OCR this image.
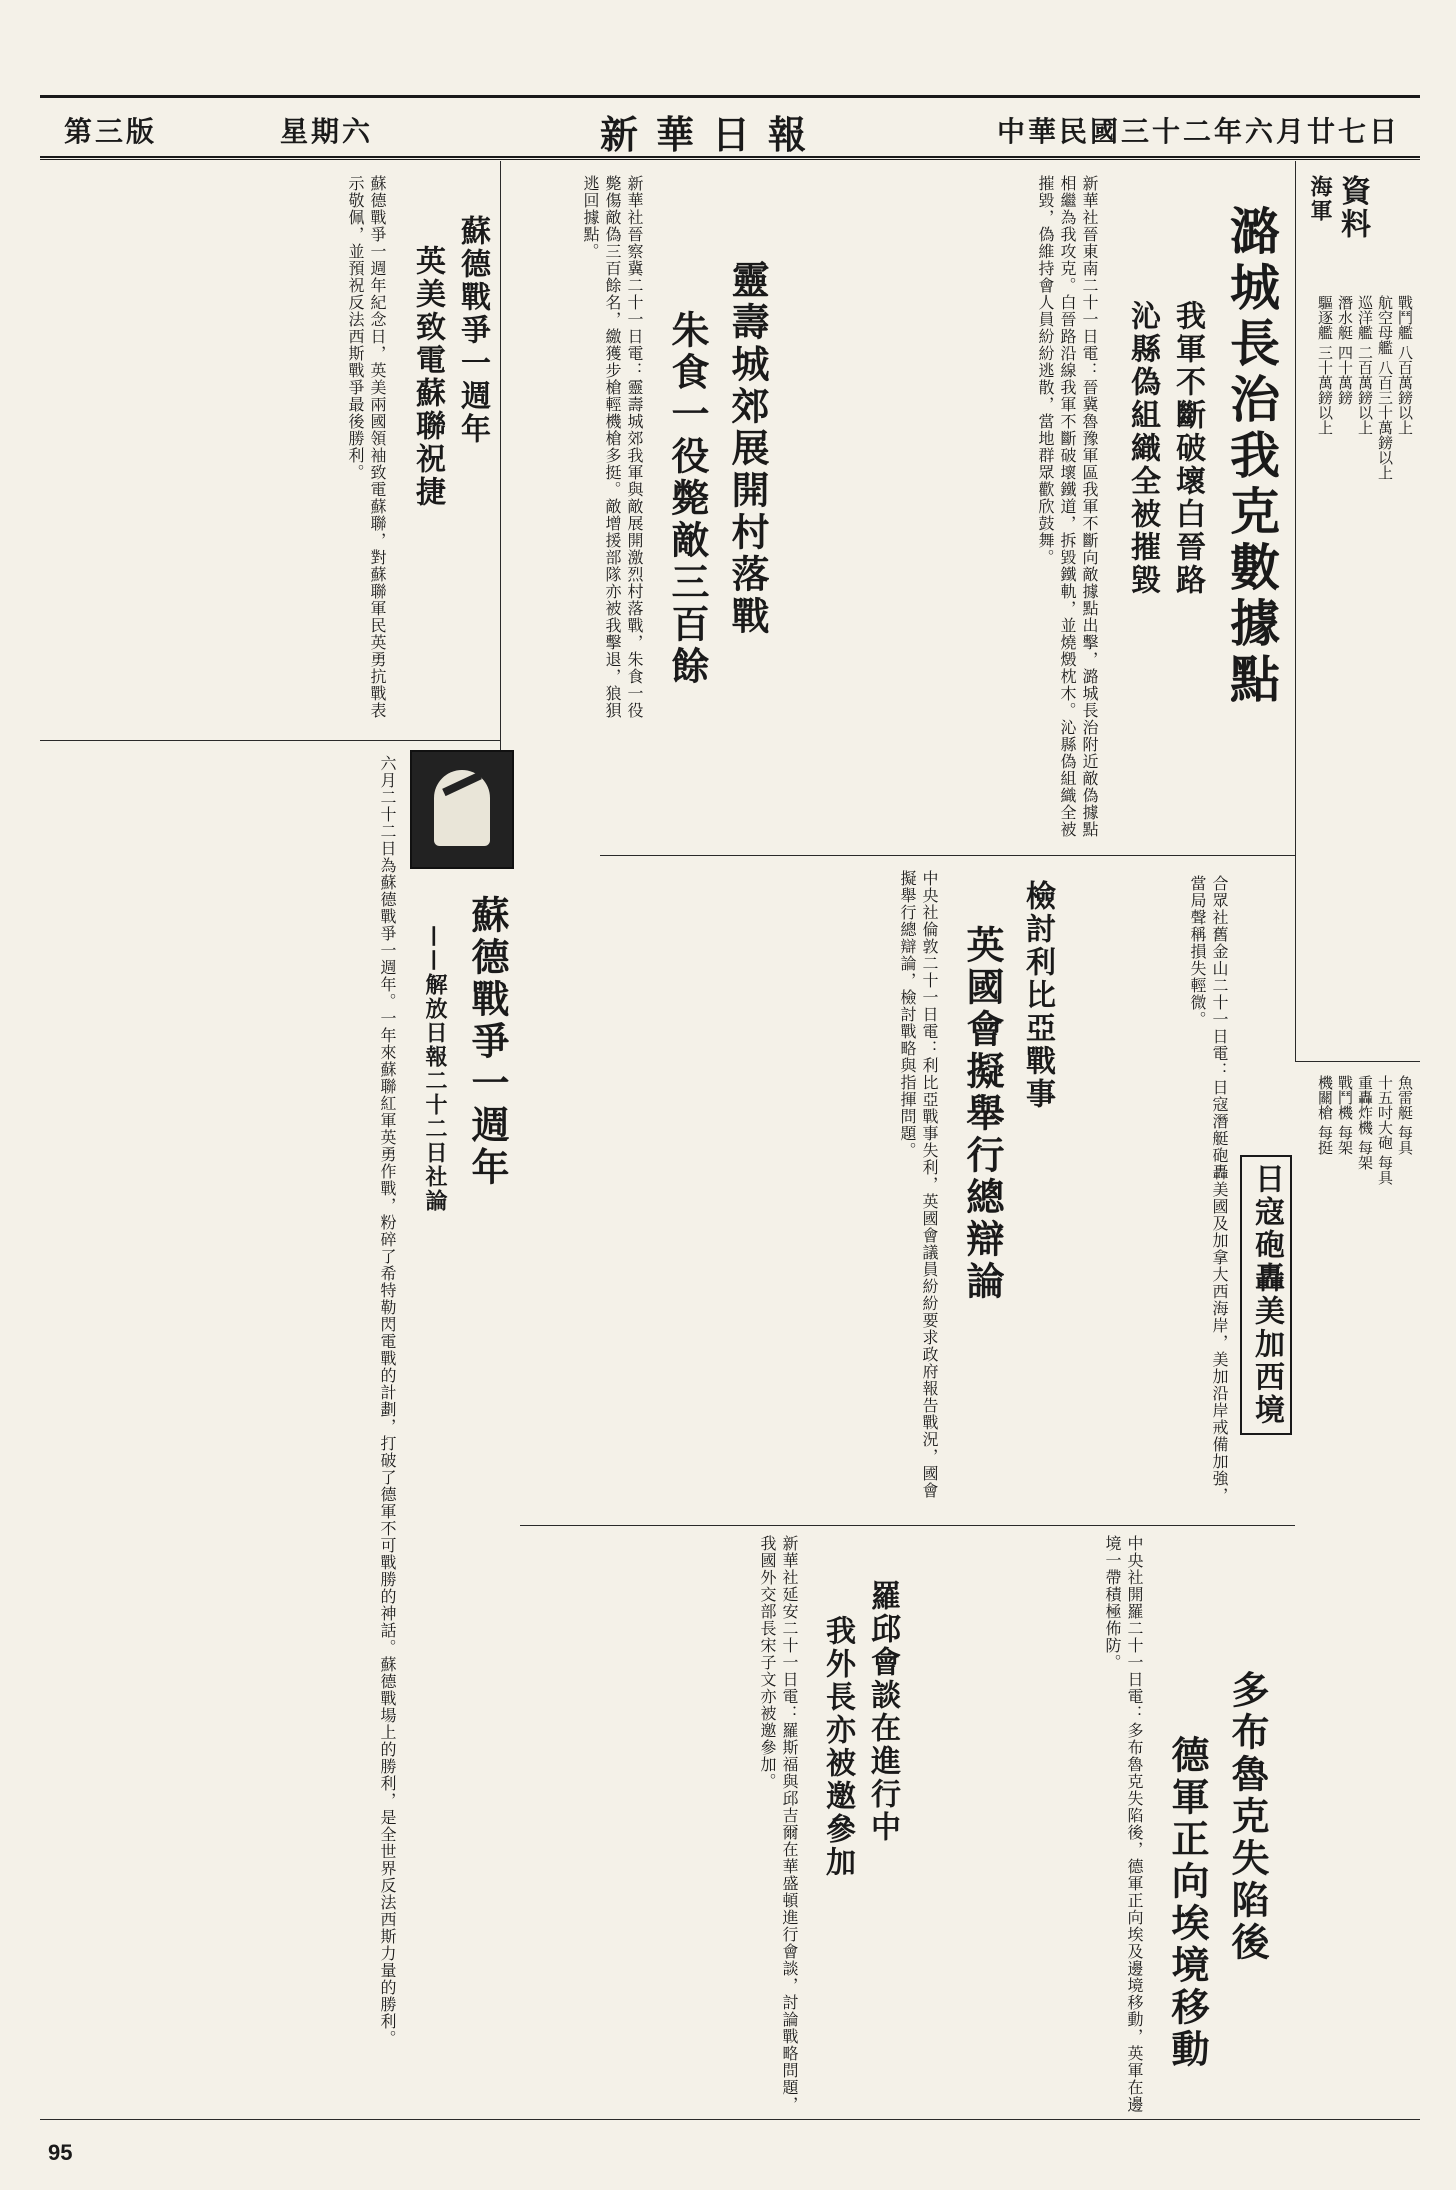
第三版	星期六	新華日報	中華民國三十二年六月廿七日
資料
海軍
戰鬥艦 八百萬鎊以上
航空母艦 八百三十萬鎊以上
巡洋艦 二百萬鎊以上
潛水艇 四十萬鎊
驅逐艦 三十萬鎊以上
魚雷艇 每具
十五吋大砲 每具
重轟炸機 每架
戰鬥機 每架
機關槍 每挺
潞城長治我克數據點
我軍不斷破壞白晉路
沁縣偽組織全被摧毀
新華社晉東南二十一日電：晉冀魯豫軍區我軍不斷向敵據點出擊，潞城長治附近敵偽據點相繼為我攻克。白晉路沿線我軍不斷破壞鐵道，拆毀鐵軌，並燒燬枕木。沁縣偽組織全被摧毀，偽維持會人員紛紛逃散，當地群眾歡欣鼓舞。
靈壽城郊展開村落戰
朱食一役斃敵三百餘
新華社晉察冀二十一日電：靈壽城郊我軍與敵展開激烈村落戰，朱食一役斃傷敵偽三百餘名，繳獲步槍輕機槍多挺。敵增援部隊亦被我擊退，狼狽逃回據點。
蘇德戰爭一週年
英美致電蘇聯祝捷
蘇德戰爭一週年紀念日，英美兩國領袖致電蘇聯，對蘇聯軍民英勇抗戰表示敬佩，並預祝反法西斯戰爭最後勝利。
蘇德戰爭一週年
——解放日報二十二日社論
六月二十二日為蘇德戰爭一週年。一年來蘇聯紅軍英勇作戰，粉碎了希特勒閃電戰的計劃，打破了德軍不可戰勝的神話。蘇德戰場上的勝利，是全世界反法西斯力量的勝利。	檢討利比亞戰事
英國會擬舉行總辯論
中央社倫敦二十一日電：利比亞戰事失利，英國會議員紛紛要求政府報告戰況，國會擬舉行總辯論，檢討戰略與指揮問題。
日寇砲轟美加西境
合眾社舊金山二十一日電：日寇潛艇砲轟美國及加拿大西海岸，美加沿岸戒備加強，當局聲稱損失輕微。
羅邱會談在進行中
我外長亦被邀參加
新華社延安二十一日電：羅斯福與邱吉爾在華盛頓進行會談，討論戰略問題，我國外交部長宋子文亦被邀參加。
多布魯克失陷後
德軍正向埃境移動
中央社開羅二十一日電：多布魯克失陷後，德軍正向埃及邊境移動，英軍在邊境一帶積極佈防。
95
